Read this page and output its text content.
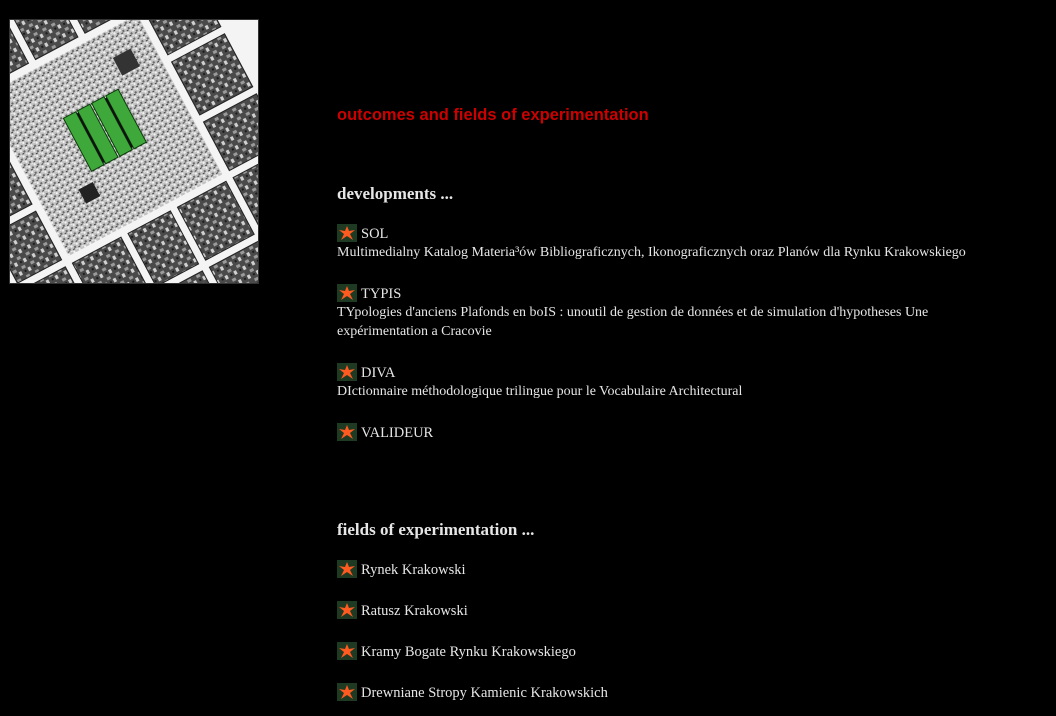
outcomes and fields of experimentation
developments ...
SOL
Multimedialny Katalog Materia³ów Bibliograficznych, Ikonograficznych oraz Planów dla Rynku Krakowskiego
TYPIS
TYpologies d'anciens Plafonds en boIS : unoutil de gestion de données et de simulation d'hypotheses Une expérimentation a Cracovie
DIVA
DIctionnaire méthodologique trilingue pour le Vocabulaire Architectural
VALIDEUR
fields of experimentation ...
Rynek Krakowski
Ratusz Krakowski
Kramy Bogate Rynku Krakowskiego
Drewniane Stropy Kamienic Krakowskich
